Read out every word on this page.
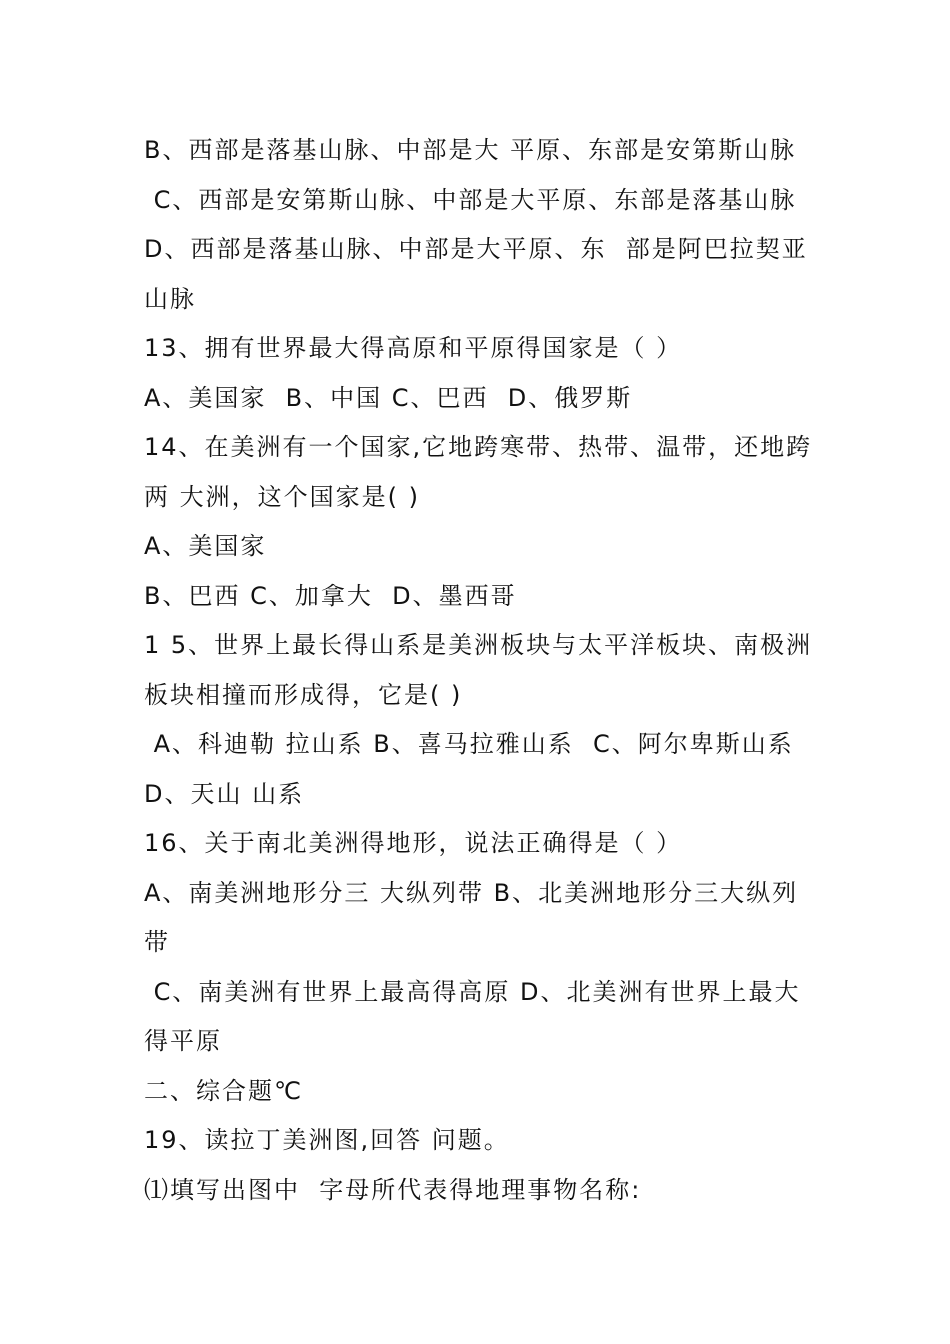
B、西部是落基山脉、中部是大 平原、东部是安第斯山脉
C、西部是安第斯山脉、中部是大平原、东部是落基山脉
D、西部是落基山脉、中部是大平原、东  部是阿巴拉契亚
山脉
13、拥有世界最大得高原和平原得国家是（ ）
A、美国家  B、中国 C、巴西  D、俄罗斯
14、在美洲有一个国家,它地跨寒带、热带、温带，还地跨
两 大洲，这个国家是( )
A、美国家
B、巴西 C、加拿大  D、墨西哥
1 5、世界上最长得山系是美洲板块与太平洋板块、南极洲
板块相撞而形成得，它是( )
A、科迪勒 拉山系 B、喜马拉雅山系  C、阿尔卑斯山系
D、天山 山系
16、关于南北美洲得地形，说法正确得是（ ）
A、南美洲地形分三 大纵列带 B、北美洲地形分三大纵列
带
C、南美洲有世界上最高得高原 D、北美洲有世界上最大
得平原
二、综合题℃
19、读拉丁美洲图,回答 问题。
⑴填写出图中  字母所代表得地理事物名称:
